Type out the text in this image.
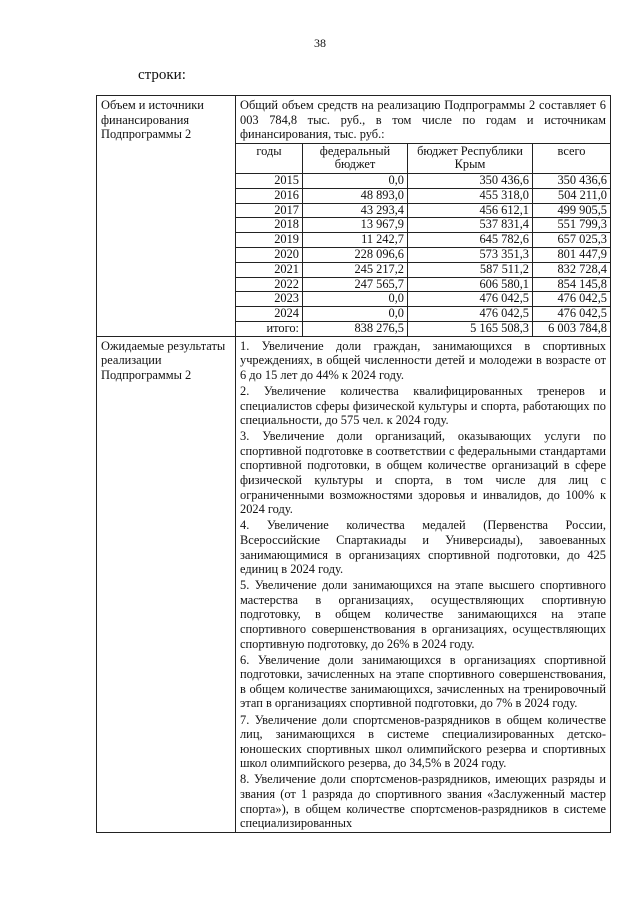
38
строки:
Объем и источники финансирования Подпрограммы 2	
Общий объем средств на реализацию Подпрограммы 2 составляет 6 003 784,8 тыс. руб., в том числе по годам и источникам финансирования, тыс. руб.:
годы	федеральный бюджет	бюджет Республики Крым	всего
2015	0,0	350 436,6	350 436,6
2016	48 893,0	455 318,0	504 211,0
2017	43 293,4	456 612,1	499 905,5
2018	13 967,9	537 831,4	551 799,3
2019	11 242,7	645 782,6	657 025,3
2020	228 096,6	573 351,3	801 447,9
2021	245 217,2	587 511,2	832 728,4
2022	247 565,7	606 580,1	854 145,8
2023	0,0	476 042,5	476 042,5
2024	0,0	476 042,5	476 042,5
итого:	838 276,5	5 165 508,3	6 003 784,8

Ожидаемые результаты реализации Подпрограммы 2	

1. Увеличение доли граждан, занимающихся в спортивных учреждениях, в общей численности детей и молодежи в возрасте от 6 до 15 лет до 44% к 2024 году.

2. Увеличение количества квалифицированных тренеров и специалистов сферы физической культуры и спорта, работающих по специальности, до 575 чел. к 2024 году.

3. Увеличение доли организаций, оказывающих услуги по спортивной подготовке в соответствии с федеральными стандартами спортивной подготовки, в общем количестве организаций в сфере физической культуры и спорта, в том числе для лиц с ограниченными возможностями здоровья и инвалидов, до 100% к 2024 году.

4. Увеличение количества медалей (Первенства России, Всероссийские Спартакиады и Универсиады), завоеванных занимающимися в организациях спортивной подготовки, до 425 единиц в 2024 году.

5. Увеличение доли занимающихся на этапе высшего спортивного мастерства в организациях, осуществляющих спортивную подготовку, в общем количестве занимающихся на этапе спортивного совершенствования в организациях, осуществляющих спортивную подготовку, до 26% в 2024 году.

6. Увеличение доли занимающихся в организациях спортивной подготовки, зачисленных на этапе спортивного совершенствования, в общем количестве занимающихся, зачисленных на тренировочный этап в организациях спортивной подготовки, до 7% в 2024 году.

7. Увеличение доли спортсменов-разрядников в общем количестве лиц, занимающихся в системе специализированных детско-юношеских спортивных школ олимпийского резерва и спортивных школ олимпийского резерва, до 34,5% в 2024 году.

8. Увеличение доли спортсменов-разрядников, имеющих разряды и звания (от 1 разряда до спортивного звания «Заслуженный мастер спорта»), в общем количестве спортсменов-разрядников в системе специализированных
